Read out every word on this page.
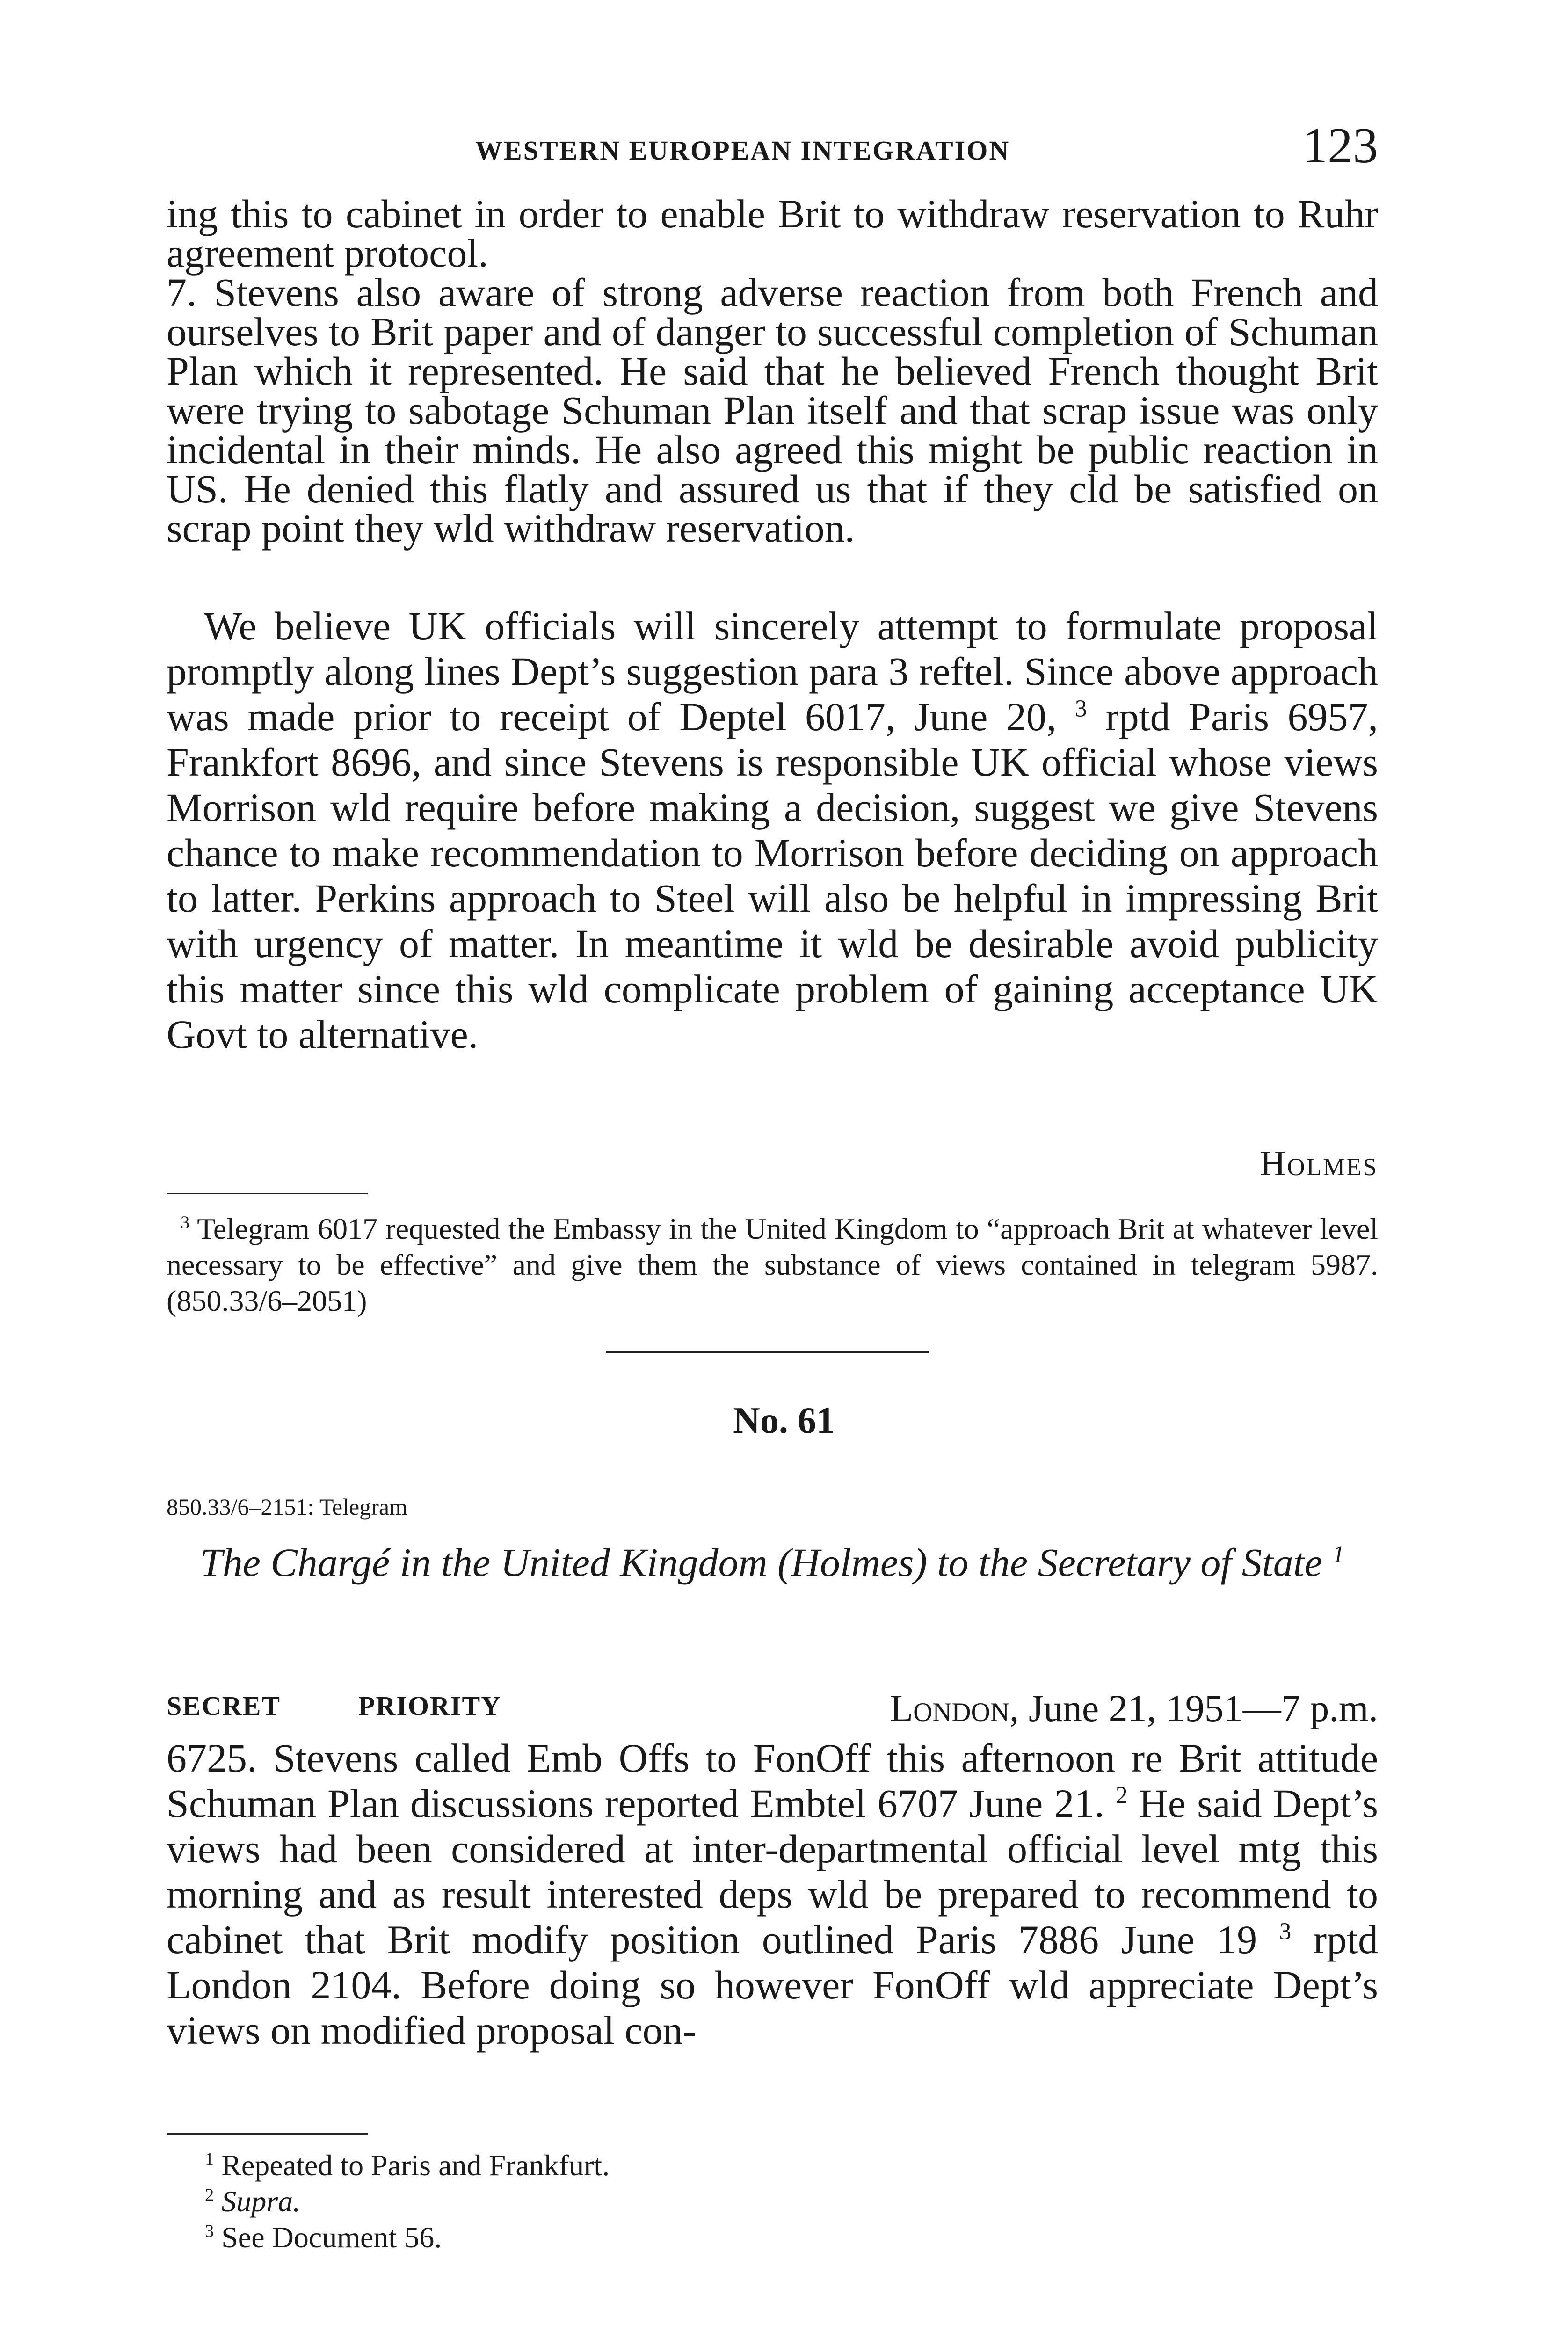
WESTERN EUROPEAN INTEGRATION	123
ing this to cabinet in order to enable Brit to withdraw reservation to Ruhr agreement protocol.
7. Stevens also aware of strong adverse reaction from both French and ourselves to Brit paper and of danger to successful completion of Schuman Plan which it represented. He said that he believed French thought Brit were trying to sabotage Schuman Plan itself and that scrap issue was only incidental in their minds. He also agreed this might be public reaction in US. He denied this flatly and assured us that if they cld be satisfied on scrap point they wld withdraw reservation.
We believe UK officials will sincerely attempt to formulate proposal promptly along lines Dept’s suggestion para 3 reftel. Since above approach was made prior to receipt of Deptel 6017, June 20, $^3$ rptd Paris 6957, Frankfort 8696, and since Stevens is responsible UK official whose views Morrison wld require before making a decision, suggest we give Stevens chance to make recommendation to Morrison before deciding on approach to latter. Perkins approach to Steel will also be helpful in impressing Brit with urgency of matter. In meantime it wld be desirable avoid publicity this matter since this wld complicate problem of gaining acceptance UK Govt to alternative.
Holmes
$^3$ Telegram 6017 requested the Embassy in the United Kingdom to “approach Brit at whatever level necessary to be effective” and give them the substance of views contained in telegram 5987. (850.33/6–2051)
No. 61
850.33/6–2151: Telegram
The Chargé in the United Kingdom (Holmes) to the Secretary of State $^1$
SECRET	PRIORITY	London, June 21, 1951—7 p.m.
6725. Stevens called Emb Offs to FonOff this afternoon re Brit attitude Schuman Plan discussions reported Embtel 6707 June 21. $^2$ He said Dept’s views had been considered at inter-departmental official level mtg this morning and as result interested deps wld be prepared to recommend to cabinet that Brit modify position outlined Paris 7886 June 19 $^3$ rptd London 2104. Before doing so however FonOff wld appreciate Dept’s views on modified proposal con-
$^1$ Repeated to Paris and Frankfurt.
$^2$ Supra.
$^3$ See Document 56.
